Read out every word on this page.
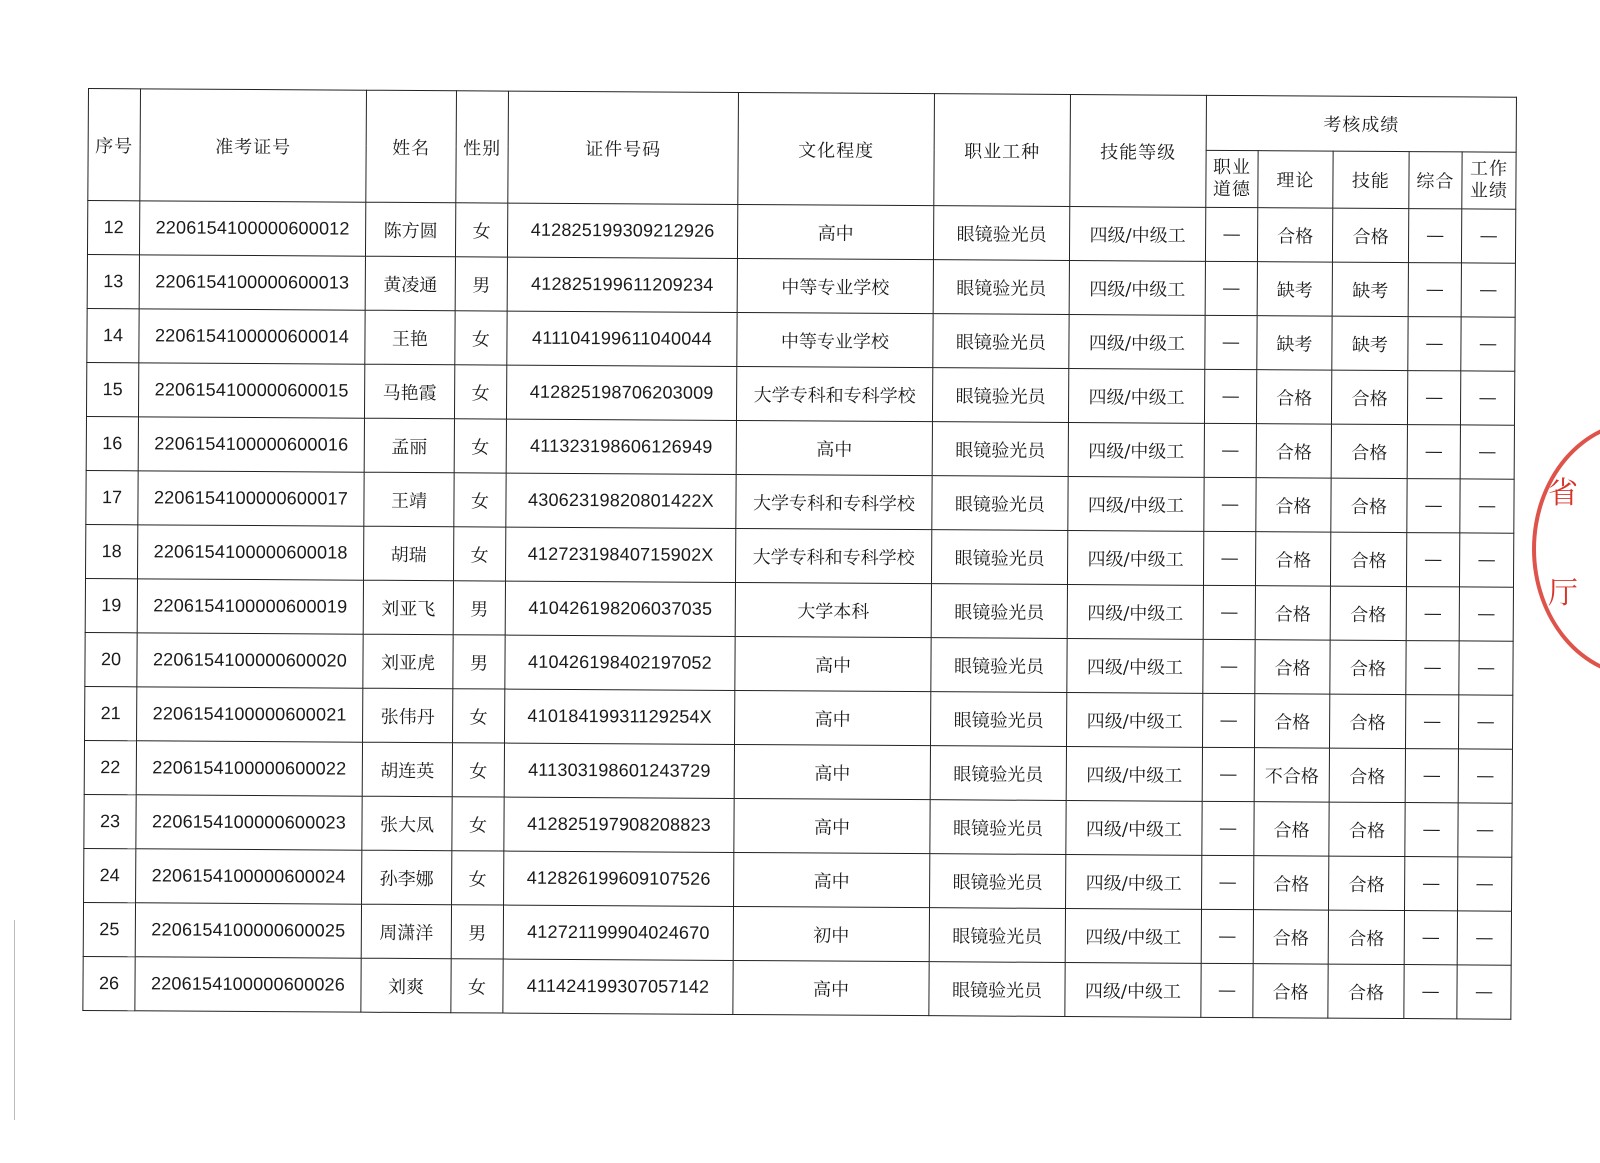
序号	准考证号	姓名	性别	证件号码	文化程度	职业工种	技能等级	考核成绩				
								职业道德	理论	技能	综合	工作业绩
12	2206154100000600012	陈方圆	女	412825199309212926	高中	眼镜验光员	四级/中级工	—	合格	合格	—	—
13	2206154100000600013	黄凌通	男	412825199611209234	中等专业学校	眼镜验光员	四级/中级工	—	缺考	缺考	—	—
14	2206154100000600014	王艳	女	411104199611040044	中等专业学校	眼镜验光员	四级/中级工	—	缺考	缺考	—	—
15	2206154100000600015	马艳霞	女	412825198706203009	大学专科和专科学校	眼镜验光员	四级/中级工	—	合格	合格	—	—
16	2206154100000600016	孟丽	女	411323198606126949	高中	眼镜验光员	四级/中级工	—	合格	合格	—	—
17	2206154100000600017	王靖	女	43062319820801422X	大学专科和专科学校	眼镜验光员	四级/中级工	—	合格	合格	—	—
18	2206154100000600018	胡瑞	女	41272319840715902X	大学专科和专科学校	眼镜验光员	四级/中级工	—	合格	合格	—	—
19	2206154100000600019	刘亚飞	男	410426198206037035	大学本科	眼镜验光员	四级/中级工	—	合格	合格	—	—
20	2206154100000600020	刘亚虎	男	410426198402197052	高中	眼镜验光员	四级/中级工	—	合格	合格	—	—
21	2206154100000600021	张伟丹	女	41018419931129254X	高中	眼镜验光员	四级/中级工	—	合格	合格	—	—
22	2206154100000600022	胡连英	女	411303198601243729	高中	眼镜验光员	四级/中级工	—	不合格	合格	—	—
23	2206154100000600023	张大凤	女	412825197908208823	高中	眼镜验光员	四级/中级工	—	合格	合格	—	—
24	2206154100000600024	孙李娜	女	412826199609107526	高中	眼镜验光员	四级/中级工	—	合格	合格	—	—
25	2206154100000600025	周潇洋	男	412721199904024670	初中	眼镜验光员	四级/中级工	—	合格	合格	—	—
26	2206154100000600026	刘爽	女	411424199307057142	高中	眼镜验光员	四级/中级工	—	合格	合格	—	—
省
厅
